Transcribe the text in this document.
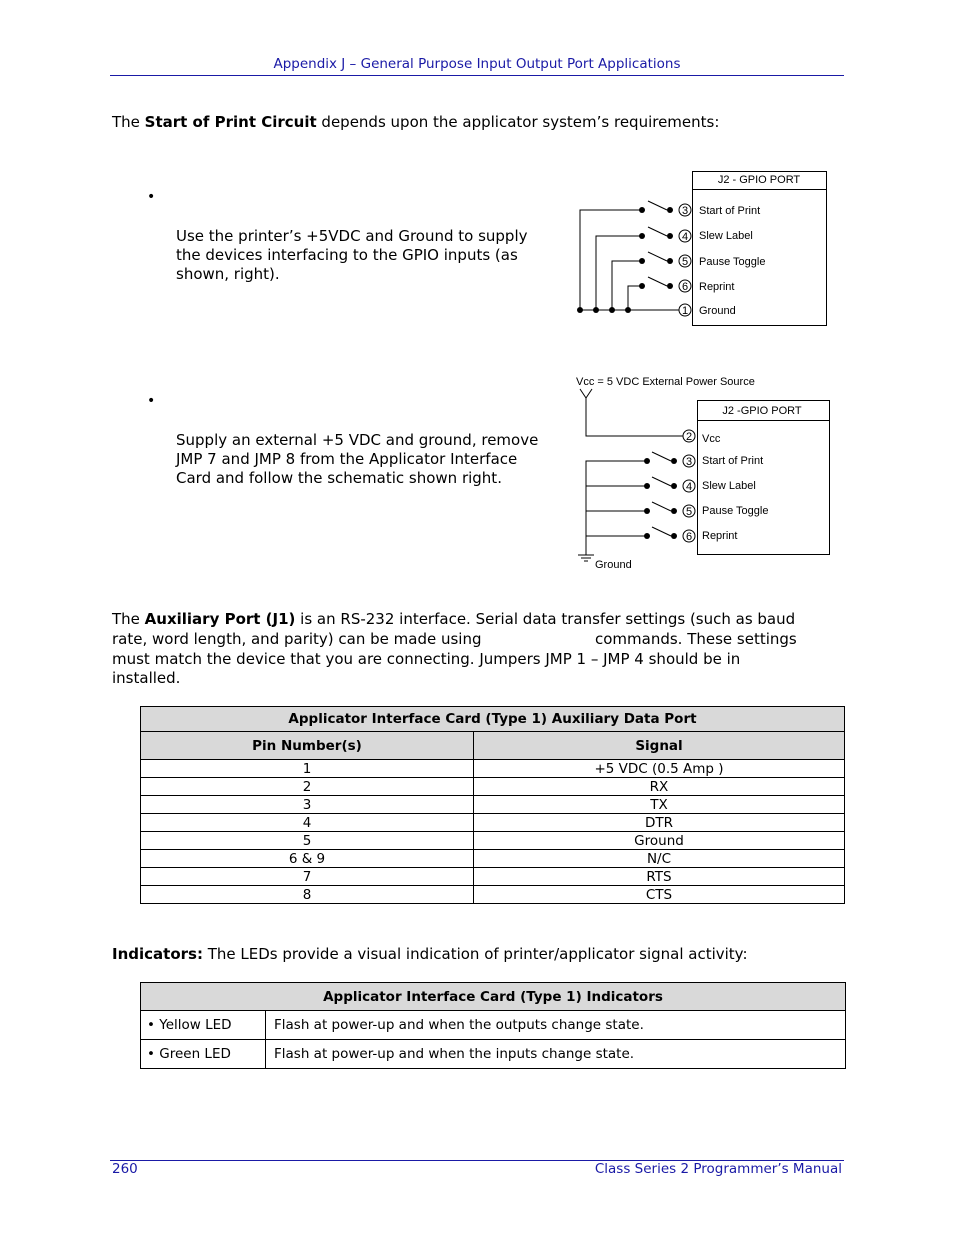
Appendix J – General Purpose Input Output Port Applications
The Start of Print Circuit depends upon the applicator system’s requirements:
•
Use the printer’s +5VDC and Ground to supply the devices interfacing to the GPIO inputs (as shown, right).
J2 - GPIO PORT
3
4
5
6
1
Start of Print
Slew Label
Pause Toggle
Reprint
Ground
•
Supply an external +5 VDC and ground, remove JMP 7 and JMP 8 from the Applicator Interface Card and follow the schematic shown right.
Vcc = 5 VDC External Power Source
J2 -GPIO PORT
2
3
4
5
6
Vcc
Start of Print
Slew Label
Pause Toggle
Reprint
Ground
The Auxiliary Port (J1) is an RS-232 interface. Serial data transfer settings (such as baud
rate, word length, and parity) can be made using	commands. These settings
must match the device that you are connecting. Jumpers JMP 1 – JMP 4 should be in
installed.
Applicator Interface Card (Type 1) Auxiliary Data Port	
Pin Number(s)	Signal
1	+5 VDC (0.5 Amp )
2	RX
3	TX
4	DTR
5	Ground
6 & 9	N/C
7	RTS
8	CTS
Indicators: The LEDs provide a visual indication of printer/applicator signal activity:
Applicator Interface Card (Type 1) Indicators	
• Yellow LED	Flash at power-up and when the outputs change state.
• Green LED	Flash at power-up and when the inputs change state.
260	Class Series 2 Programmer’s Manual
